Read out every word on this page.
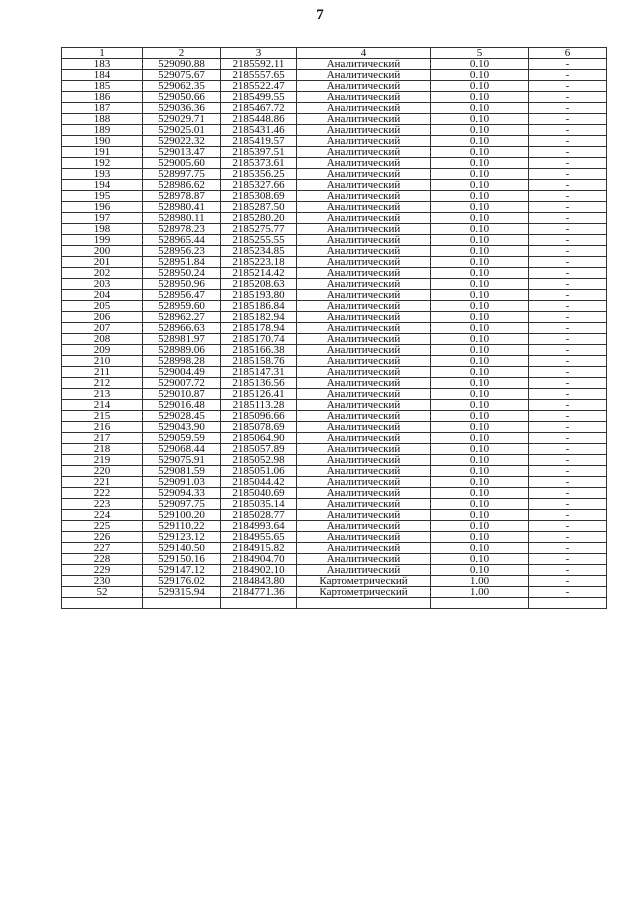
7
1	2	3	4	5	6
183	529090.88	2185592.11	Аналитический	0.10	-
184	529075.67	2185557.65	Аналитический	0.10	-
185	529062.35	2185522.47	Аналитический	0.10	-
186	529050.66	2185499.55	Аналитический	0.10	-
187	529036.36	2185467.72	Аналитический	0.10	-
188	529029.71	2185448.86	Аналитический	0.10	-
189	529025.01	2185431.46	Аналитический	0.10	-
190	529022.32	2185419.57	Аналитический	0.10	-
191	529013.47	2185397.51	Аналитический	0.10	-
192	529005.60	2185373.61	Аналитический	0.10	-
193	528997.75	2185356.25	Аналитический	0.10	-
194	528986.62	2185327.66	Аналитический	0.10	-
195	528978.87	2185308.69	Аналитический	0.10	-
196	528980.41	2185287.50	Аналитический	0.10	-
197	528980.11	2185280.20	Аналитический	0.10	-
198	528978.23	2185275.77	Аналитический	0.10	-
199	528965.44	2185255.55	Аналитический	0.10	-
200	528956.23	2185234.85	Аналитический	0.10	-
201	528951.84	2185223.18	Аналитический	0.10	-
202	528950.24	2185214.42	Аналитический	0.10	-
203	528950.96	2185208.63	Аналитический	0.10	-
204	528956.47	2185193.80	Аналитический	0.10	-
205	528959.60	2185186.84	Аналитический	0.10	-
206	528962.27	2185182.94	Аналитический	0.10	-
207	528966.63	2185178.94	Аналитический	0.10	-
208	528981.97	2185170.74	Аналитический	0.10	-
209	528989.06	2185166.38	Аналитический	0.10	-
210	528998.28	2185158.76	Аналитический	0.10	-
211	529004.49	2185147.31	Аналитический	0.10	-
212	529007.72	2185136.56	Аналитический	0.10	-
213	529010.87	2185126.41	Аналитический	0.10	-
214	529016.48	2185113.28	Аналитический	0.10	-
215	529028.45	2185096.66	Аналитический	0.10	-
216	529043.90	2185078.69	Аналитический	0.10	-
217	529059.59	2185064.90	Аналитический	0.10	-
218	529068.44	2185057.89	Аналитический	0.10	-
219	529075.91	2185052.98	Аналитический	0.10	-
220	529081.59	2185051.06	Аналитический	0.10	-
221	529091.03	2185044.42	Аналитический	0.10	-
222	529094.33	2185040.69	Аналитический	0.10	-
223	529097.75	2185035.14	Аналитический	0.10	-
224	529100.20	2185028.77	Аналитический	0.10	-
225	529110.22	2184993.64	Аналитический	0.10	-
226	529123.12	2184955.65	Аналитический	0.10	-
227	529140.50	2184915.82	Аналитический	0.10	-
228	529150.16	2184904.70	Аналитический	0.10	-
229	529147.12	2184902.10	Аналитический	0.10	-
230	529176.02	2184843.80	Картометрический	1.00	-
52	529315.94	2184771.36	Картометрический	1.00	-
